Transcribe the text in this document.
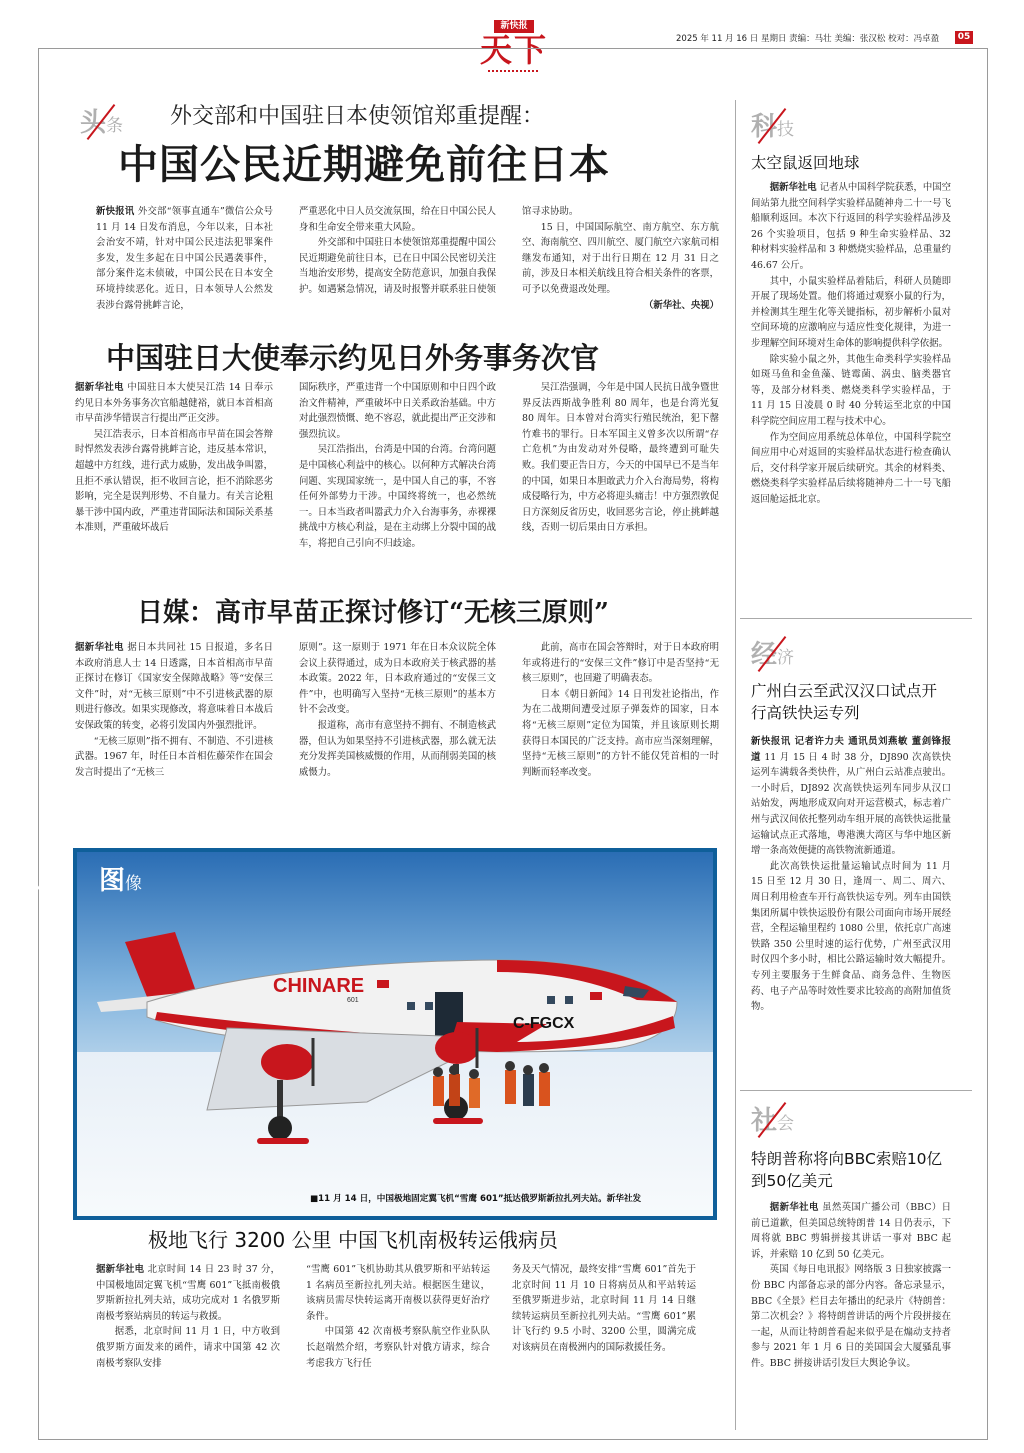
新快报
天下	2025 年 11 月 16 日 星期日 责编：马壮 美编：张汉松 校对：冯卓盈	05
头条 外交部和中国驻日本使领馆郑重提醒：
中国公民近期避免前往日本

新快报讯 外交部“领事直通车”微信公众号 11 月 14 日发布消息，今年以来，日本社会治安不靖，针对中国公民违法犯罪案件多发，发生多起在日中国公民遇袭事件，部分案件迄未侦破，中国公民在日本安全环境持续恶化。近日，日本领导人公然发表涉台露骨挑衅言论，

严重恶化中日人员交流氛围，给在日中国公民人身和生命安全带来重大风险。

外交部和中国驻日本使领馆郑重提醒中国公民近期避免前往日本，已在日中国公民密切关注当地治安形势，提高安全防范意识，加强自我保护。如遇紧急情况，请及时报警并联系驻日使领

馆寻求协助。

15 日，中国国际航空、南方航空、东方航空、海南航空、四川航空、厦门航空六家航司相继发布通知，对于出行日期在 12 月 31 日之前，涉及日本相关航线且符合相关条件的客票，可予以免费退改处理。

（新华社、央视）

中国驻日大使奉示约见日外务事务次官

据新华社电 中国驻日本大使吴江浩 14 日奉示约见日本外务事务次官船越健裕，就日本首相高市早苗涉华错误言行提出严正交涉。

吴江浩表示，日本首相高市早苗在国会答辩时悍然发表涉台露骨挑衅言论，违反基本常识，超越中方红线，进行武力威胁，发出战争叫嚣，且拒不承认错误，拒不收回言论，拒不消除恶劣影响，完全是误判形势、不自量力。有关言论粗暴干涉中国内政，严重违背国际法和国际关系基本准则，严重破坏战后

国际秩序，严重违背一个中国原则和中日四个政治文件精神，严重破坏中日关系政治基础。中方对此强烈愤慨、绝不容忍，就此提出严正交涉和强烈抗议。

吴江浩指出，台湾是中国的台湾。台湾问题是中国核心利益中的核心。以何种方式解决台湾问题、实现国家统一，是中国人自己的事，不容任何外部势力干涉。中国终将统一，也必然统一。日本当政者叫嚣武力介入台海事务，赤裸裸挑战中方核心利益，是在主动绑上分裂中国的战车，将把自己引向不归歧途。

吴江浩强调，今年是中国人民抗日战争暨世界反法西斯战争胜利 80 周年，也是台湾光复 80 周年。日本曾对台湾实行殖民统治，犯下罄竹难书的罪行。日本军国主义曾多次以所谓“存亡危机”为由发动对外侵略，最终遭到可耻失败。我们要正告日方，今天的中国早已不是当年的中国，如果日本胆敢武力介入台海局势，将构成侵略行为，中方必将迎头痛击！中方强烈敦促日方深刻反省历史，收回恶劣言论，停止挑衅越线，否则一切后果由日方承担。

日媒：高市早苗正探讨修订“无核三原则”

据新华社电 据日本共同社 15 日报道，多名日本政府消息人士 14 日透露，日本首相高市早苗正探讨在修订《国家安全保障战略》等“安保三文件”时，对“无核三原则”中不引进核武器的原则进行修改。如果实现修改，将意味着日本战后安保政策的转变，必将引发国内外强烈批评。

“无核三原则”指不拥有、不制造、不引进核武器。1967 年，时任日本首相佐藤荣作在国会发言时提出了“无核三

原则”。这一原则于 1971 年在日本众议院全体会议上获得通过，成为日本政府关于核武器的基本政策。2022 年，日本政府通过的“安保三文件”中，也明确写入坚持“无核三原则”的基本方针不会改变。

报道称，高市有意坚持不拥有、不制造核武器，但认为如果坚持不引进核武器，那么就无法充分发挥美国核威慑的作用，从而削弱美国的核威慑力。

此前，高市在国会答辩时，对于日本政府明年或将进行的“安保三文件”修订中是否坚持“无核三原则”，也回避了明确表态。

日本《朝日新闻》14 日刊发社论指出，作为在二战期间遭受过原子弹轰炸的国家，日本将“无核三原则”定位为国策，并且该原则长期获得日本国民的广泛支持。高市应当深刻理解，坚持“无核三原则”的方针不能仅凭首相的一时判断而轻率改变。

CHINARE
601
C-FGCX
图像
■11 月 14 日，中国极地固定翼飞机“雪鹰 601”抵达俄罗斯新拉扎列夫站。新华社发
极地飞行 3200 公里 中国飞机南极转运俄病员

据新华社电 北京时间 14 日 23 时 37 分，中国极地固定翼飞机“雪鹰 601”飞抵南极俄罗斯新拉扎列夫站，成功完成对 1 名俄罗斯南极考察站病员的转运与救援。

据悉，北京时间 11 月 1 日，中方收到俄罗斯方面发来的函件，请求中国第 42 次南极考察队安排

“雪鹰 601”飞机协助其从俄罗斯和平站转运 1 名病员至新拉扎列夫站。根据医生建议，该病员需尽快转运离开南极以获得更好治疗条件。

中国第 42 次南极考察队航空作业队队长赵端然介绍，考察队针对俄方请求，综合考虑我方飞行任

务及天气情况，最终安排“雪鹰 601”首先于北京时间 11 月 10 日将病员从和平站转运至俄罗斯进步站，北京时间 11 月 14 日继续转运病员至新拉扎列夫站。“雪鹰 601”累计飞行约 9.5 小时、3200 公里，圆满完成对该病员在南极洲内的国际救援任务。

科技
太空鼠返回地球

据新华社电 记者从中国科学院获悉，中国空间站第九批空间科学实验样品随神舟二十一号飞船顺利返回。本次下行返回的科学实验样品涉及 26 个实验项目，包括 9 种生命实验样品、32 种材料实验样品和 3 种燃烧实验样品，总重量约 46.67 公斤。

其中，小鼠实验样品着陆后，科研人员随即开展了现场处置。他们将通过观察小鼠的行为，并检测其生理生化等关键指标，初步解析小鼠对空间环境的应激响应与适应性变化规律，为进一步理解空间环境对生命体的影响提供科学依据。

除实验小鼠之外，其他生命类科学实验样品如斑马鱼和金鱼藻、链霉菌、涡虫、脑类器官等，及部分材料类、燃烧类科学实验样品，于 11 月 15 日凌晨 0 时 40 分转运至北京的中国科学院空间应用工程与技术中心。

作为空间应用系统总体单位，中国科学院空间应用中心对返回的实验样品状态进行检查确认后，交付科学家开展后续研究。其余的材料类、燃烧类科学实验样品后续将随神舟二十一号飞船返回舱运抵北京。

经济
广州白云至武汉汉口试点开行高铁快运专列

新快报讯 记者许力夫 通讯员刘燕敏 董剑锋报道 11 月 15 日 4 时 38 分，DJ890 次高铁快运列车满载各类快件，从广州白云站准点驶出。一小时后，DJ892 次高铁快运列车同步从汉口站始发，两地形成双向对开运营模式，标志着广州与武汉间依托整列动车组开展的高铁快运批量运输试点正式落地，粤港澳大湾区与华中地区新增一条高效便捷的高铁物流新通道。

此次高铁快运批量运输试点时间为 11 月 15 日至 12 月 30 日，逢周一、周二、周六、周日利用检查车开行高铁快运专列。列车由国铁集团所属中铁快运股份有限公司面向市场开展经营，全程运输里程约 1080 公里，依托京广高速铁路 350 公里时速的运行优势，广州至武汉用时仅四个多小时，相比公路运输时效大幅提升。专列主要服务于生鲜食品、商务急件、生物医药、电子产品等时效性要求比较高的高附加值货物。

社会
特朗普称将向BBC索赔10亿到50亿美元

据新华社电 虽然英国广播公司（BBC）日前已道歉，但美国总统特朗普 14 日仍表示，下周将就 BBC 剪辑拼接其讲话一事对 BBC 起诉，并索赔 10 亿到 50 亿美元。

英国《每日电讯报》网络版 3 日独家披露一份 BBC 内部备忘录的部分内容。备忘录显示，BBC《全景》栏目去年播出的纪录片《特朗普：第二次机会？》将特朗普讲话的两个片段拼接在一起，从而让特朗普看起来似乎是在煽动支持者参与 2021 年 1 月 6 日的美国国会大厦骚乱事件。BBC 拼接讲话引发巨大舆论争议。
